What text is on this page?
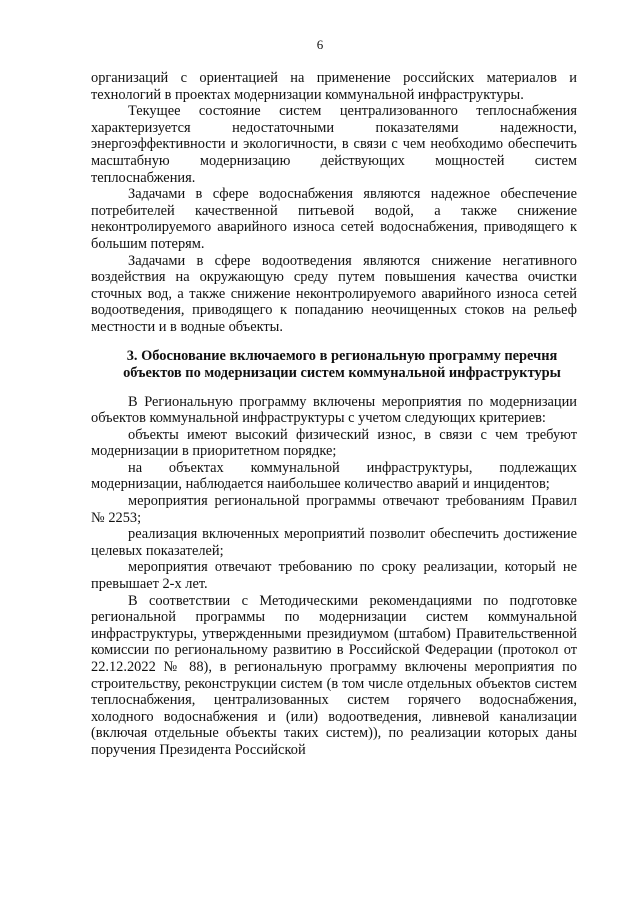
6

организаций с ориентацией на применение российских материалов и технологий в проектах модернизации коммунальной инфраструктуры.

Текущее состояние систем централизованного теплоснабжения характеризуется недостаточными показателями надежности, энергоэффективности и экологичности, в связи с чем необходимо обеспечить масштабную модернизацию действующих мощностей систем теплоснабжения.

Задачами в сфере водоснабжения являются надежное обеспечение потребителей качественной питьевой водой, а также снижение неконтролируемого аварийного износа сетей водоснабжения, приводящего к большим потерям.

Задачами в сфере водоотведения являются снижение негативного воздействия на окружающую среду путем повышения качества очистки сточных вод, а также снижение неконтролируемого аварийного износа сетей водоотведения, приводящего к попаданию неочищенных стоков на рельеф местности и в водные объекты.

3. Обоснование включаемого в региональную программу перечня объектов по модернизации систем коммунальной инфраструктуры

В Региональную программу включены мероприятия по модернизации объектов коммунальной инфраструктуры с учетом следующих критериев:

объекты имеют высокий физический износ, в связи с чем требуют модернизации в приоритетном порядке;

на объектах коммунальной инфраструктуры, подлежащих модернизации, наблюдается наибольшее количество аварий и инцидентов;

мероприятия региональной программы отвечают требованиям Правил № 2253;

реализация включенных мероприятий позволит обеспечить достижение целевых показателей;

мероприятия отвечают требованию по сроку реализации, который не превышает 2-х лет.

В соответствии с Методическими рекомендациями по подготовке региональной программы по модернизации систем коммунальной инфраструктуры, утвержденными президиумом (штабом) Правительственной комиссии по региональному развитию в Российской Федерации (протокол от 22.12.2022 № 88), в региональную программу включены мероприятия по строительству, реконструкции систем (в том числе отдельных объектов систем теплоснабжения, централизованных систем горячего водоснабжения, холодного водоснабжения и (или) водоотведения, ливневой канализации (включая отдельные объекты таких систем)), по реализации которых даны поручения Президента Российской
